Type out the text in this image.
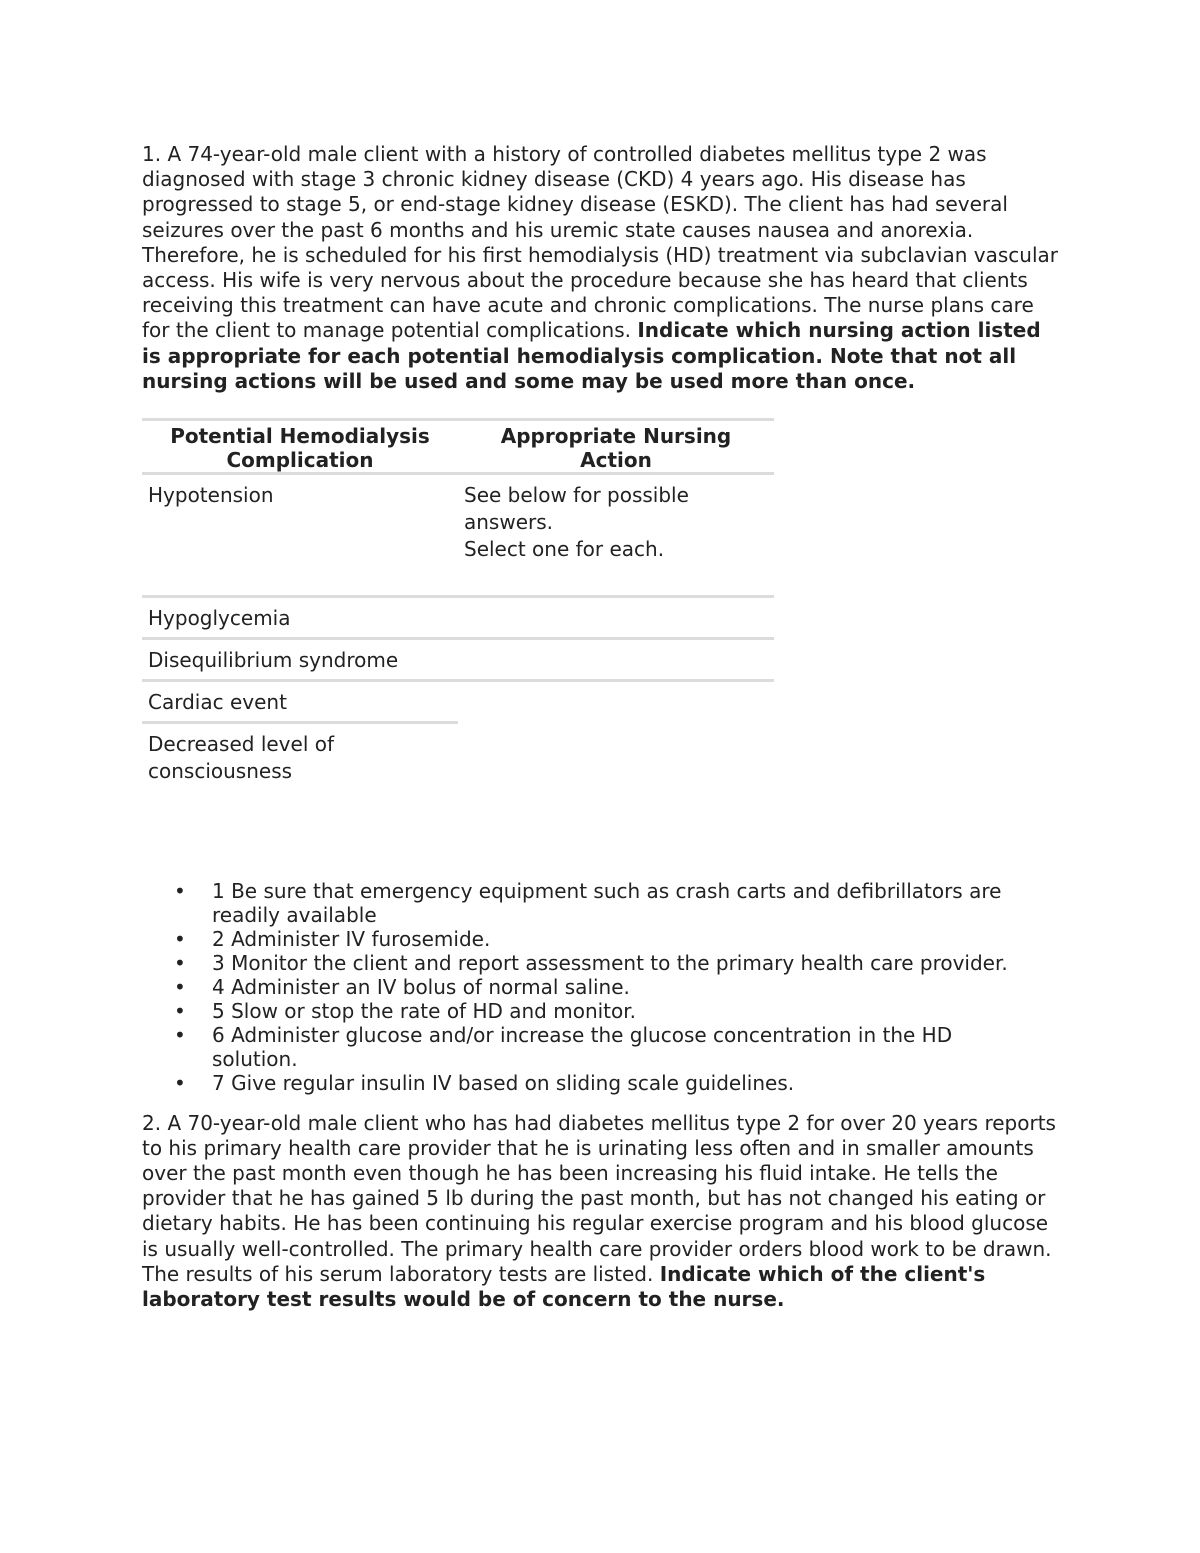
1. A 74-year-old male client with a history of controlled diabetes mellitus type 2 was diagnosed with stage 3 chronic kidney disease (CKD) 4 years ago. His disease has progressed to stage 5, or end-stage kidney disease (ESKD). The client has had several seizures over the past 6 months and his uremic state causes nausea and anorexia. Therefore, he is scheduled for his first hemodialysis (HD) treatment via subclavian vascular access. His wife is very nervous about the procedure because she has heard that clients receiving this treatment can have acute and chronic complications. The nurse plans care for the client to manage potential complications. Indicate which nursing action listed is appropriate for each potential hemodialysis complication. Note that not all nursing actions will be used and some may be used more than once.

Potential Hemodialysis Complication	Appropriate Nursing Action
Hypotension	See below for possible answers.
Select one for each.

Hypoglycemia	
Disequilibrium syndrome	
Cardiac event	
Decreased level of consciousness	
• 1 Be sure that emergency equipment such as crash carts and defibrillators are readily available
• 2 Administer IV furosemide.
• 3 Monitor the client and report assessment to the primary health care provider.
• 4 Administer an IV bolus of normal saline.
• 5 Slow or stop the rate of HD and monitor.
• 6 Administer glucose and/or increase the glucose concentration in the HD solution.
• 7 Give regular insulin IV based on sliding scale guidelines.

2. A 70-year-old male client who has had diabetes mellitus type 2 for over 20 years reports to his primary health care provider that he is urinating less often and in smaller amounts over the past month even though he has been increasing his fluid intake. He tells the provider that he has gained 5 lb during the past month, but has not changed his eating or dietary habits. He has been continuing his regular exercise program and his blood glucose is usually well-controlled. The primary health care provider orders blood work to be drawn. The results of his serum laboratory tests are listed. Indicate which of the client's laboratory test results would be of concern to the nurse.
